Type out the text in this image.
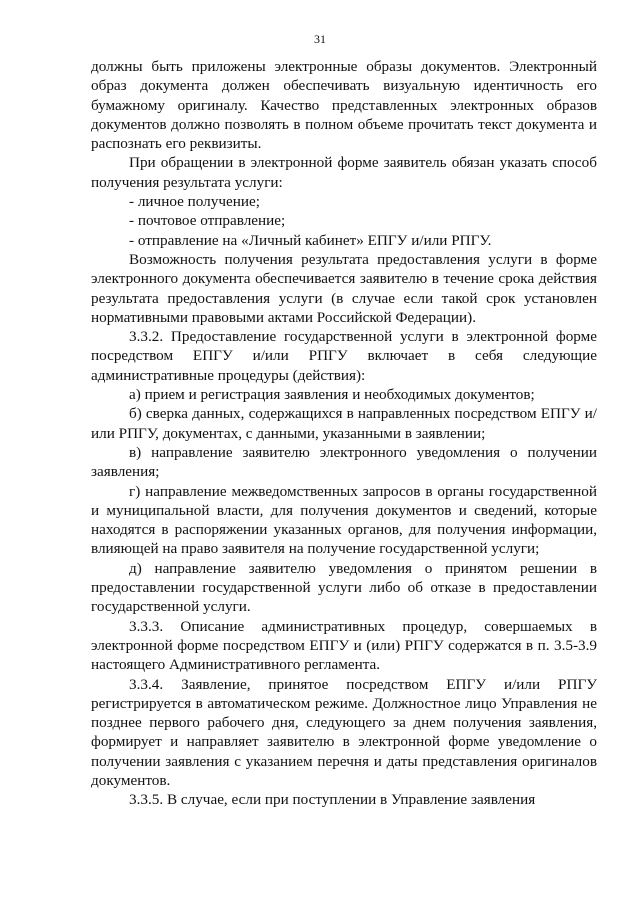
31

должны быть приложены электронные образы документов. Электронный образ документа должен обеспечивать визуальную идентичность его бумажному оригиналу. Качество представленных электронных образов документов должно позволять в полном объеме прочитать текст документа и распознать его реквизиты.

При обращении в электронной форме заявитель обязан указать способ получения результата услуги:

- личное получение;

- почтовое отправление;

- отправление на «Личный кабинет» ЕПГУ и/или РПГУ.

Возможность получения результата предоставления услуги в форме электронного документа обеспечивается заявителю в течение срока действия результата предоставления услуги (в случае если такой срок установлен нормативными правовыми актами Российской Федерации).

3.3.2. Предоставление государственной услуги в электронной форме посредством ЕПГУ и/или РПГУ включает в себя следующие административные процедуры (действия):

а) прием и регистрация заявления и необходимых документов;

б) сверка данных, содержащихся в направленных посредством ЕПГУ и/или РПГУ, документах, с данными, указанными в заявлении;

в) направление заявителю электронного уведомления о получении заявления;

г) направление межведомственных запросов в органы государственной и муниципальной власти, для получения документов и сведений, которые находятся в распоряжении указанных органов, для получения информации, влияющей на право заявителя на получение государственной услуги;

д) направление заявителю уведомления о принятом решении в предоставлении государственной услуги либо об отказе в предоставлении государственной услуги.

3.3.3. Описание административных процедур, совершаемых в электронной форме посредством ЕПГУ и (или) РПГУ содержатся в п. 3.5-3.9 настоящего Административного регламента.

3.3.4. Заявление, принятое посредством ЕПГУ и/или РПГУ регистрируется в автоматическом режиме. Должностное лицо Управления не позднее первого рабочего дня, следующего за днем получения заявления, формирует и направляет заявителю в электронной форме уведомление о получении заявления с указанием перечня и даты представления оригиналов документов.

3.3.5. В случае, если при поступлении в Управление заявления
